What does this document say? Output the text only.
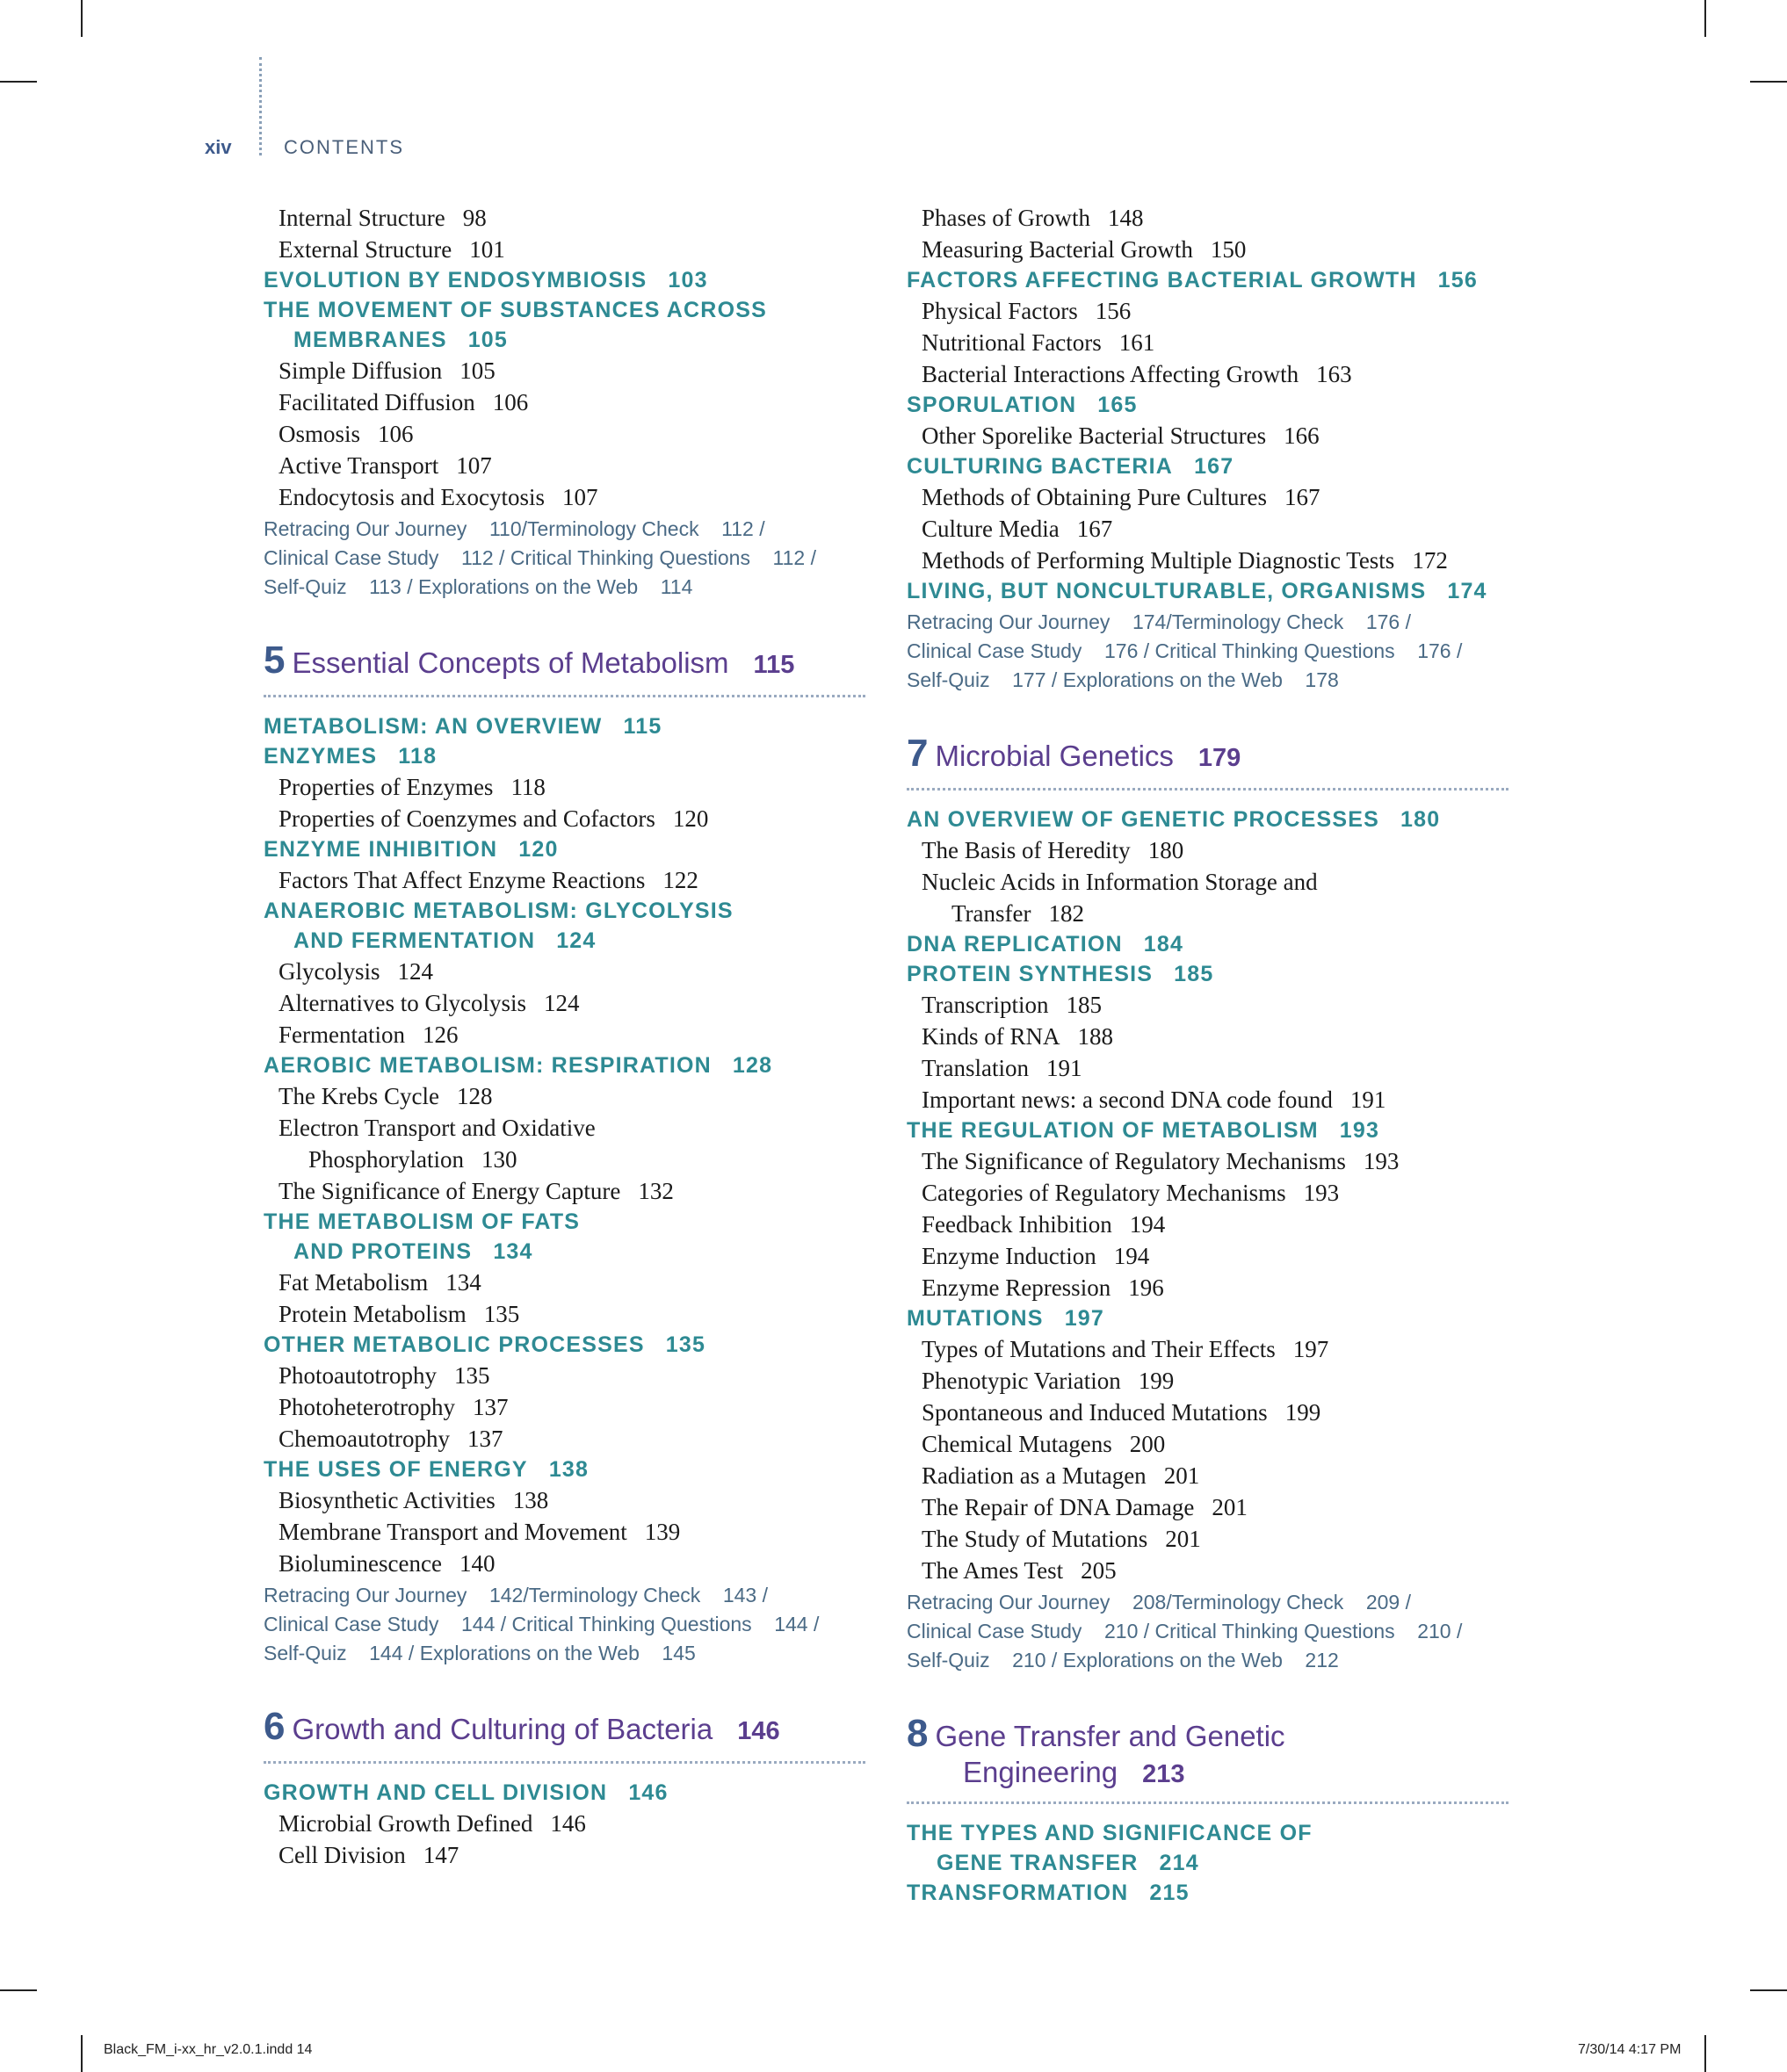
xiv	CONTENTS
Internal Structure 98
External Structure 101
EVOLUTION BY ENDOSYMBIOSIS 103
THE MOVEMENT OF SUBSTANCES ACROSS
MEMBRANES 105
Simple Diffusion 105
Facilitated Diffusion 106
Osmosis 106
Active Transport 107
Endocytosis and Exocytosis 107
Retracing Our Journey    110/Terminology Check    112 /
Clinical Case Study    112 / Critical Thinking Questions    112 /
Self-Quiz    113 / Explorations on the Web    114
5 Essential Concepts of Metabolism 115
METABOLISM: AN OVERVIEW 115
ENZYMES 118
Properties of Enzymes 118
Properties of Coenzymes and Cofactors 120
ENZYME INHIBITION 120
Factors That Affect Enzyme Reactions 122
ANAEROBIC METABOLISM: GLYCOLYSIS
AND FERMENTATION 124
Glycolysis 124
Alternatives to Glycolysis 124
Fermentation 126
AEROBIC METABOLISM: RESPIRATION 128
The Krebs Cycle 128
Electron Transport and Oxidative
Phosphorylation 130
The Significance of Energy Capture 132
THE METABOLISM OF FATS
AND PROTEINS 134
Fat Metabolism 134
Protein Metabolism 135
OTHER METABOLIC PROCESSES 135
Photoautotrophy 135
Photoheterotrophy 137
Chemoautotrophy 137
THE USES OF ENERGY 138
Biosynthetic Activities 138
Membrane Transport and Movement 139
Bioluminescence 140
Retracing Our Journey    142/Terminology Check    143 /
Clinical Case Study    144 / Critical Thinking Questions    144 /
Self-Quiz    144 / Explorations on the Web    145
6 Growth and Culturing of Bacteria 146
GROWTH AND CELL DIVISION 146
Microbial Growth Defined 146
Cell Division 147
Phases of Growth 148
Measuring Bacterial Growth 150
FACTORS AFFECTING BACTERIAL GROWTH 156
Physical Factors 156
Nutritional Factors 161
Bacterial Interactions Affecting Growth 163
SPORULATION 165
Other Sporelike Bacterial Structures 166
CULTURING BACTERIA 167
Methods of Obtaining Pure Cultures 167
Culture Media 167
Methods of Performing Multiple Diagnostic Tests 172
LIVING, BUT NONCULTURABLE, ORGANISMS 174
Retracing Our Journey    174/Terminology Check    176 /
Clinical Case Study    176 / Critical Thinking Questions    176 /
Self-Quiz    177 / Explorations on the Web    178
7 Microbial Genetics 179
AN OVERVIEW OF GENETIC PROCESSES 180
The Basis of Heredity 180
Nucleic Acids in Information Storage and
Transfer 182
DNA REPLICATION 184
PROTEIN SYNTHESIS 185
Transcription 185
Kinds of RNA 188
Translation 191
Important news: a second DNA code found 191
THE REGULATION OF METABOLISM 193
The Significance of Regulatory Mechanisms 193
Categories of Regulatory Mechanisms 193
Feedback Inhibition 194
Enzyme Induction 194
Enzyme Repression 196
MUTATIONS 197
Types of Mutations and Their Effects 197
Phenotypic Variation 199
Spontaneous and Induced Mutations 199
Chemical Mutagens 200
Radiation as a Mutagen 201
The Repair of DNA Damage 201
The Study of Mutations 201
The Ames Test 205
Retracing Our Journey    208/Terminology Check    209 /
Clinical Case Study    210 / Critical Thinking Questions    210 /
Self-Quiz    210 / Explorations on the Web    212
8 Gene Transfer and Genetic
Engineering 213
THE TYPES AND SIGNIFICANCE OF
GENE TRANSFER 214
TRANSFORMATION 215
Black_FM_i-xx_hr_v2.0.1.indd 14	7/30/14 4:17 PM
